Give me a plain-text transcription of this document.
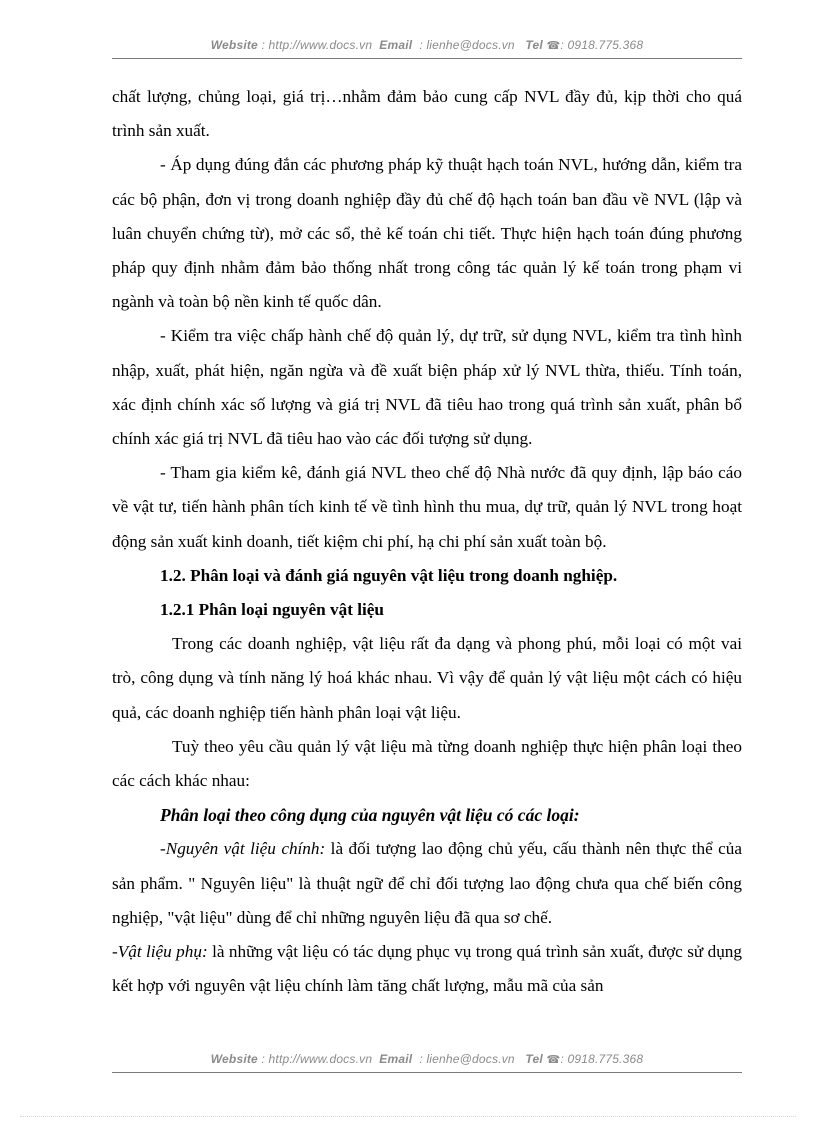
Website : http://www.docs.vn Email : lienhe@docs.vn Tel ☎: 0918.775.368

chất lượng, chủng loại, giá trị…nhằm đảm bảo cung cấp NVL đầy đủ, kịp thời cho quá trình sản xuất.

- Áp dụng đúng đắn các phương pháp kỹ thuật hạch toán NVL, hướng dẫn, kiểm tra các bộ phận, đơn vị trong doanh nghiệp đầy đủ chế độ hạch toán ban đầu về NVL (lập và luân chuyển chứng từ), mở các sổ, thẻ kế toán chi tiết. Thực hiện hạch toán đúng phương pháp quy định nhằm đảm bảo thống nhất trong công tác quản lý kế toán trong phạm vi ngành và toàn bộ nền kinh tế quốc dân.

- Kiểm tra việc chấp hành chế độ quản lý, dự trữ, sử dụng NVL, kiểm tra tình hình nhập, xuất, phát hiện, ngăn ngừa và đề xuất biện pháp xử lý NVL thừa, thiếu. Tính toán, xác định chính xác số lượng và giá trị NVL đã tiêu hao trong quá trình sản xuất, phân bổ chính xác giá trị NVL đã tiêu hao vào các đối tượng sử dụng.

- Tham gia kiểm kê, đánh giá NVL theo chế độ Nhà nước đã quy định, lập báo cáo về vật tư, tiến hành phân tích kinh tế về tình hình thu mua, dự trữ, quản lý NVL trong hoạt động sản xuất kinh doanh, tiết kiệm chi phí, hạ chi phí sản xuất toàn bộ.

1.2. Phân loại và đánh giá nguyên vật liệu trong doanh nghiệp.

1.2.1 Phân loại nguyên vật liệu

Trong các doanh nghiệp, vật liệu rất đa dạng và phong phú, mỗi loại có một vai trò, công dụng và tính năng lý hoá khác nhau. Vì vậy để quản lý vật liệu một cách có hiệu quả, các doanh nghiệp tiến hành phân loại vật liệu.

Tuỳ theo yêu cầu quản lý vật liệu mà từng doanh nghiệp thực hiện phân loại theo các cách khác nhau:

Phân loại theo công dụng của nguyên vật liệu có các loại:

-Nguyên vật liệu chính: là đối tượng lao động chủ yếu, cấu thành nên thực thể của sản phẩm. " Nguyên liệu" là thuật ngữ để chỉ đối tượng lao động chưa qua chế biến công nghiệp, "vật liệu" dùng để chỉ những nguyên liệu đã qua sơ chế.

-Vật liệu phụ: là những vật liệu có tác dụng phục vụ trong quá trình sản xuất, được sử dụng kết hợp với nguyên vật liệu chính làm tăng chất lượng, mẫu mã của sản

Website : http://www.docs.vn Email : lienhe@docs.vn Tel ☎: 0918.775.368
